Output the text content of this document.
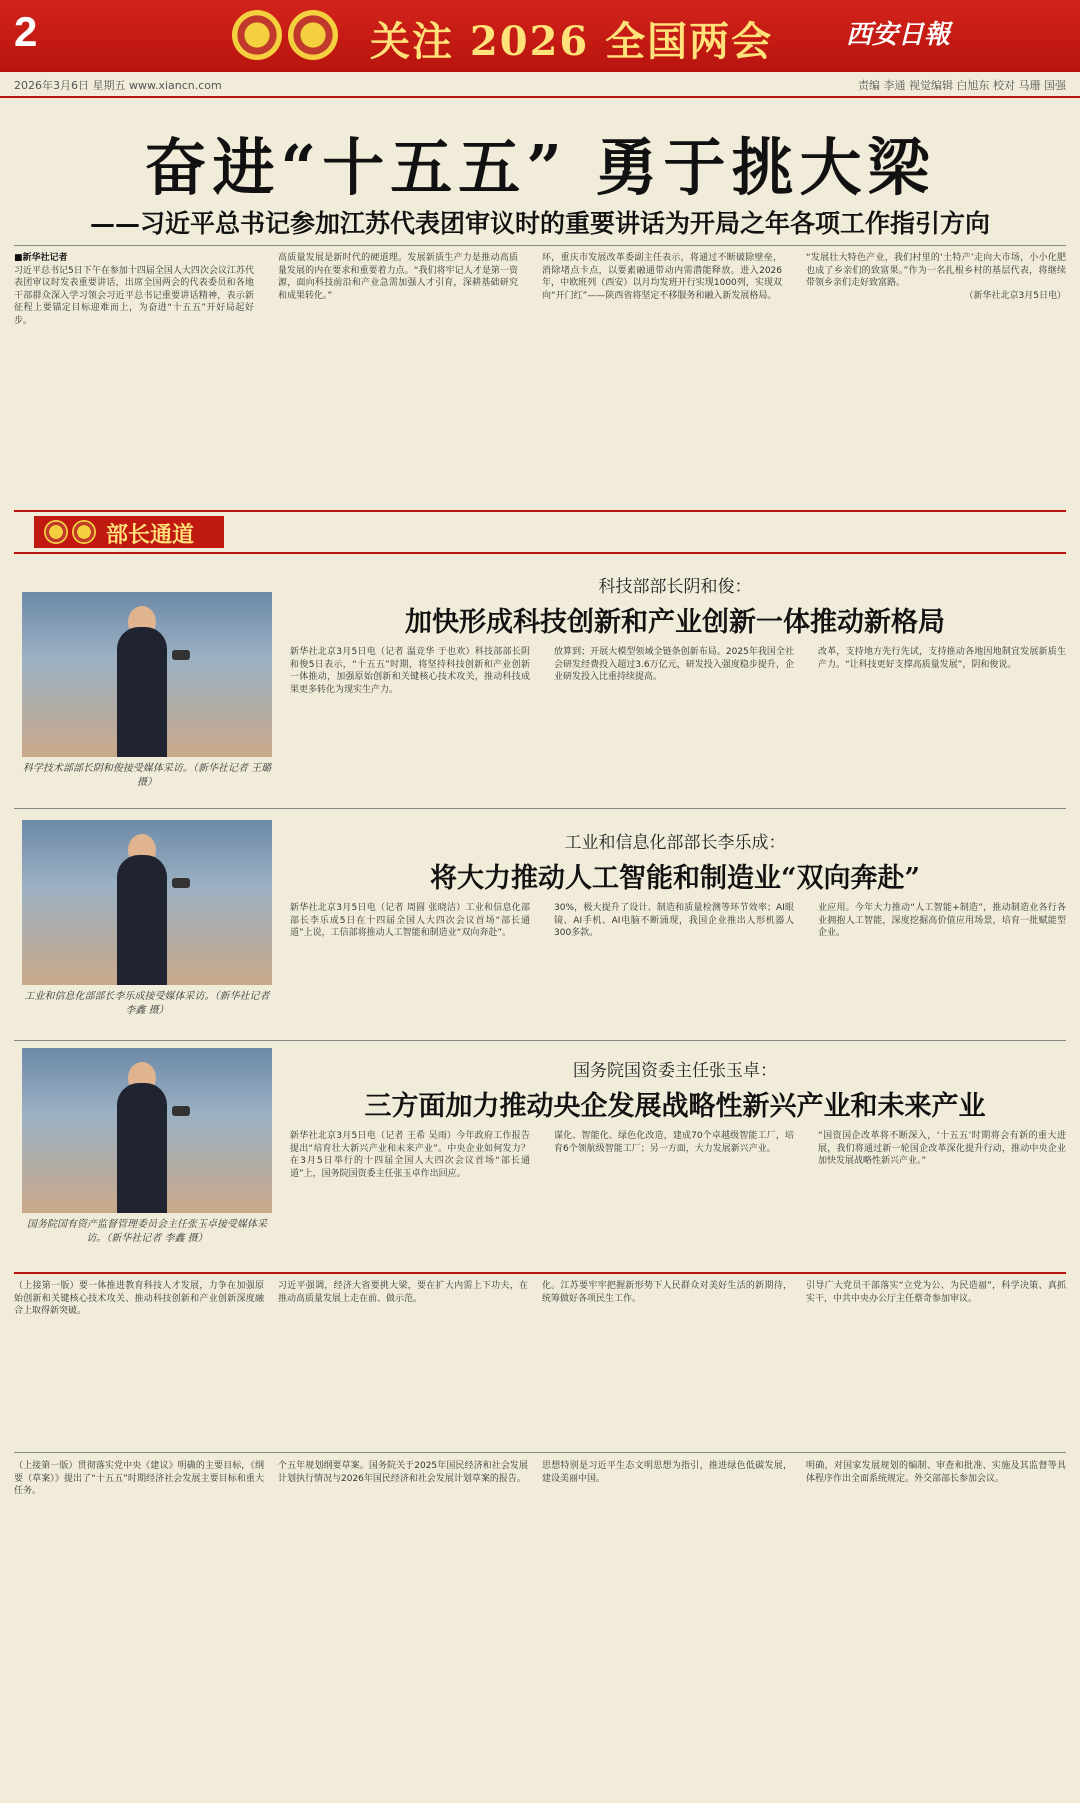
2	关注 2026 全国两会	西安日報
2026年3月6日 星期五 www.xiancn.com	责编 李通 视觉编辑 白旭东 校对 马珊 国强
奋进“十五五” 勇于挑大梁
——习近平总书记参加江苏代表团审议时的重要讲话为开局之年各项工作指引方向
■新华社记者
习近平总书记5日下午在参加十四届全国人大四次会议江苏代表团审议时发表重要讲话，出席全国两会的代表委员和各地干部群众深入学习领会习近平总书记重要讲话精神，表示新征程上要锚定目标迎难而上，为奋进“十五五”开好局起好步。
高质量发展是新时代的硬道理。发展新质生产力是推动高质量发展的内在要求和重要着力点。“我们将牢记人才是第一资源，面向科技前沿和产业急需加强人才引育，深耕基础研究和成果转化。”
环，重庆市发展改革委副主任表示，将通过不断破除壁垒，消除堵点卡点，以要素融通带动内需潜能释放。进入2026年，中欧班列（西安）以月均发班开行实现1000列，实现双向“开门红”——陕西省将坚定不移服务和融入新发展格局。
“发展壮大特色产业，我们村里的‘土特产’走向大市场，小小化肥也成了乡亲们的致富果。”作为一名扎根乡村的基层代表，将继续带领乡亲们走好致富路。
（新华社北京3月5日电）
部长通道
科学技术部部长阴和俊接受媒体采访。（新华社记者 王璐 摄）
科技部部长阴和俊：
加快形成科技创新和产业创新一体推动新格局
新华社北京3月5日电（记者 温竞华 于也欢）科技部部长阴和俊5日表示，“十五五”时期，将坚持科技创新和产业创新一体推动，加强原始创新和关键核心技术攻关，推动科技成果更多转化为现实生产力。
放算到；开展大模型领域全链条创新布局。2025年我国全社会研发经费投入超过3.6万亿元，研发投入强度稳步提升，企业研发投入比重持续提高。
改革，支持地方先行先试，支持推动各地因地制宜发展新质生产力。“让科技更好支撑高质量发展”，阴和俊说。
工业和信息化部部长李乐成接受媒体采访。（新华社记者 李鑫 摄）
工业和信息化部部长李乐成：
将大力推动人工智能和制造业“双向奔赴”
新华社北京3月5日电（记者 周圆 张晓洁）工业和信息化部部长李乐成5日在十四届全国人大四次会议首场“部长通道”上说，工信部将推动人工智能和制造业“双向奔赴”。
30%，极大提升了设计、制造和质量检测等环节效率；AI眼镜、AI手机、AI电脑不断涌现，我国企业推出人形机器人300多款。
业应用。今年大力推动“人工智能+制造”，推动制造业各行各业拥抱人工智能，深度挖掘高价值应用场景，培育一批赋能型企业。
国务院国有资产监督管理委员会主任张玉卓接受媒体采访。（新华社记者 李鑫 摄）
国务院国资委主任张玉卓：
三方面加力推动央企发展战略性新兴产业和未来产业
新华社北京3月5日电（记者 王希 吴雨）今年政府工作报告提出“培育壮大新兴产业和未来产业”。中央企业如何发力？在3月5日举行的十四届全国人大四次会议首场“部长通道”上，国务院国资委主任张玉卓作出回应。
谋化、智能化、绿色化改造，建成70个卓越级智能工厂，培育6个领航级智能工厂；另一方面，大力发展新兴产业。
“国资国企改革将不断深入，‘十五五’时期将会有新的重大进展，我们将通过新一轮国企改革深化提升行动，推动中央企业加快发展战略性新兴产业。”
（上接第一版）要一体推进教育科技人才发展，力争在加强原始创新和关键核心技术攻关、推动科技创新和产业创新深度融合上取得新突破。
习近平强调，经济大省要挑大梁，要在扩大内需上下功夫，在推动高质量发展上走在前、做示范。
化。江苏要牢牢把握新形势下人民群众对美好生活的新期待，统筹做好各项民生工作。
引导广大党员干部落实“立党为公、为民造福”，科学决策、真抓实干，中共中央办公厅主任蔡奇参加审议。
（上接第一版）贯彻落实党中央《建议》明确的主要目标，《纲要（草案）》提出了“十五五”时期经济社会发展主要目标和重大任务。
个五年规划纲要草案。国务院关于2025年国民经济和社会发展计划执行情况与2026年国民经济和社会发展计划草案的报告。
思想特别是习近平生态文明思想为指引，推进绿色低碳发展，建设美丽中国。
明确，对国家发展规划的编制、审查和批准、实施及其监督等具体程序作出全面系统规定。外交部部长参加会议。
